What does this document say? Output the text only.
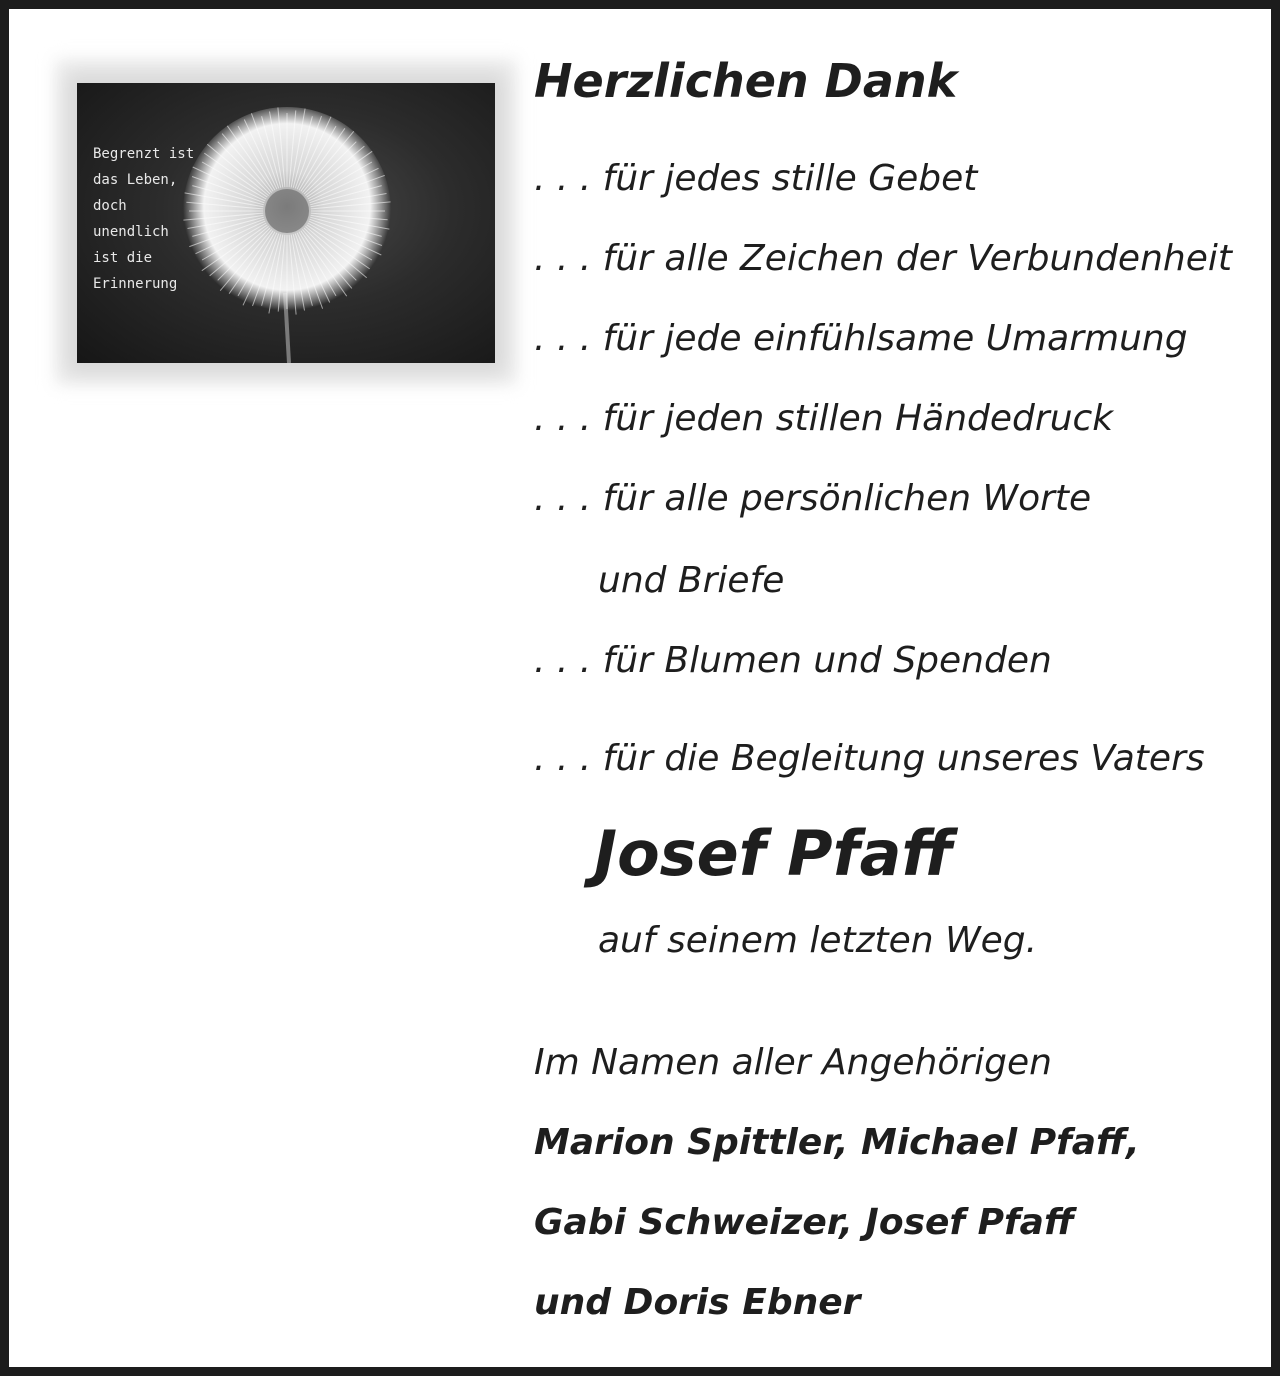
Begrenzt ist
das Leben,
doch
unendlich
ist die
Erinnerung

Herzlichen Dank

. . . für jedes stille Gebet

. . . für alle Zeichen der Verbundenheit

. . . für jede einfühlsame Umarmung

. . . für jeden stillen Händedruck

. . . für alle persönlichen Worte

und Briefe

. . . für Blumen und Spenden

. . . für die Begleitung unseres Vaters

Josef Pfaff

auf seinem letzten Weg.

Im Namen aller Angehörigen

Marion Spittler, Michael Pfaff,

Gabi Schweizer, Josef Pfaff

und Doris Ebner
